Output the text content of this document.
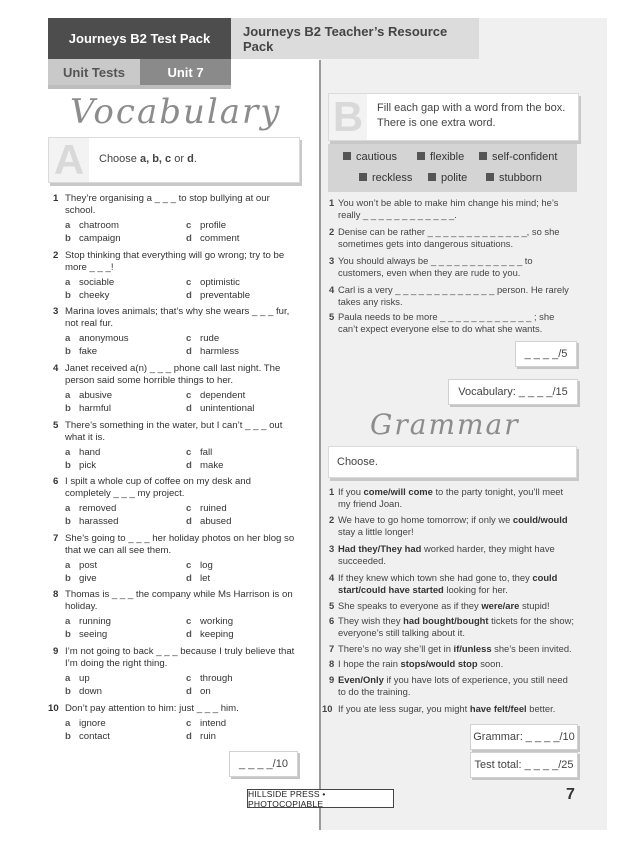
Journeys B2 Test Pack	Journeys B2 Teacher’s Resource Pack
Unit Tests	Unit 7
Vocabulary
A	Choose a, b, c or d.
1 They’re organising a _ _ _ to stop bullying at our school.
a chatroom
b campaign
c profile
d comment
2 Stop thinking that everything will go wrong; try to be more _ _ _!
a sociable
b cheeky
c optimistic
d preventable
3 Marina loves animals; that’s why she wears _ _ _ fur, not real fur.
a anonymous
b fake
c rude
d harmless
4 Janet received a(n) _ _ _ phone call last night. The person said some horrible things to her.
a abusive
b harmful
c dependent
d unintentional
5 There’s something in the water, but I can’t _ _ _ out what it is.
a hand
b pick
c fall
d make
6 I spilt a whole cup of coffee on my desk and completely _ _ _ my project.
a removed
b harassed
c ruined
d abused
7 She’s going to _ _ _ her holiday photos on her blog so that we can all see them.
a post
b give
c log
d let
8 Thomas is _ _ _ the company while Ms Harrison is on holiday.
a running
b seeing
c working
d keeping
9 I’m not going to back _ _ _ because I truly believe that I’m doing the right thing.
a up
b down
c through
d on
10 Don’t pay attention to him: just _ _ _ him.
a ignore
b contact
c intend
d ruin
_ _ _ _/10
B	Fill each gap with a word from the box. There is one extra word.
cautious	flexible	self-confident
reckless	polite	stubborn
1 You won’t be able to make him change his mind; he’s really _ _ _ _ _ _ _ _ _ _ _ _.
2 Denise can be rather _ _ _ _ _ _ _ _ _ _ _ _ _, so she sometimes gets into dangerous situations.
3 You should always be _ _ _ _ _ _ _ _ _ _ _ _ to customers, even when they are rude to you.
4 Carl is a very _ _ _ _ _ _ _ _ _ _ _ _ _ person. He rarely takes any risks.
5 Paula needs to be more _ _ _ _ _ _ _ _ _ _ _ _ ; she can’t expect everyone else to do what she wants.
_ _ _ _/5
Vocabulary: _ _ _ _/15
Grammar
Choose.
1 If you come/will come to the party tonight, you’ll meet my friend Joan.
2 We have to go home tomorrow; if only we could/would stay a little longer!
3 Had they/They had worked harder, they might have succeeded.
4 If they knew which town she had gone to, they could start/could have started looking for her.
5 She speaks to everyone as if they were/are stupid!
6 They wish they had bought/bought tickets for the show; everyone’s still talking about it.
7 There’s no way she’ll get in if/unless she’s been invited.
8 I hope the rain stops/would stop soon.
9 Even/Only if you have lots of experience, you still need to do the training.
10 If you ate less sugar, you might have felt/feel better.
Grammar: _ _ _ _/10
Test total: _ _ _ _/25
HILLSIDE PRESS • PHOTOCOPIABLE
7
